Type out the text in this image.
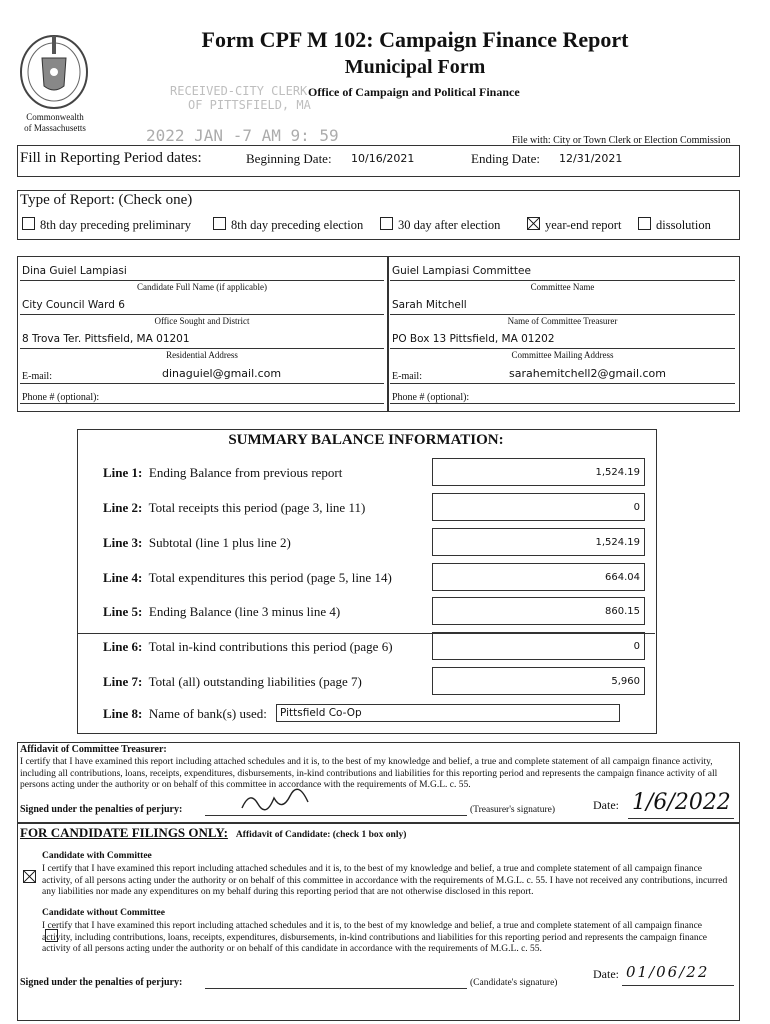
Commonwealth
of Massachusetts
Form CPF M 102: Campaign Finance Report
Municipal Form
Office of Campaign and Political Finance
RECEIVED-CITY CLERK
OF PITTSFIELD, MA
2022 JAN -7 AM 9: 59	File with: City or Town Clerk or Election Commission
Fill in Reporting Period dates:	Beginning Date: 10/16/2021	Ending Date: 12/31/2021
Type of Report: (Check one)
8th day preceding preliminary	8th day preceding election	30 day after election	year-end report	dissolution
Dina Guiel Lampiasi
Candidate Full Name (if applicable)
City Council Ward 6
Office Sought and District
8 Trova Ter. Pittsfield, MA 01201
Residential Address
E-mail:	dinaguiel@gmail.com
Phone # (optional):
Guiel Lampiasi Committee
Committee Name
Sarah Mitchell
Name of Committee Treasurer
PO Box 13 Pittsfield, MA 01202
Committee Mailing Address
E-mail:	sarahemitchell2@gmail.com
Phone # (optional):
SUMMARY BALANCE INFORMATION:
Line 1: Ending Balance from previous report	1,524.19
Line 2: Total receipts this period (page 3, line 11)	0
Line 3: Subtotal (line 1 plus line 2)	1,524.19
Line 4: Total expenditures this period (page 5, line 14)	664.04
Line 5: Ending Balance (line 3 minus line 4)	860.15
Line 6: Total in-kind contributions this period (page 6)	0
Line 7: Total (all) outstanding liabilities (page 7)	5,960
Line 8: Name of bank(s) used:	Pittsfield Co-Op
Affidavit of Committee Treasurer:
I certify that I have examined this report including attached schedules and it is, to the best of my knowledge and belief, a true and complete statement of all campaign finance activity, including all contributions, loans, receipts, expenditures, disbursements, in-kind contributions and liabilities for this reporting period and represents the campaign finance activity of all persons acting under the authority or on behalf of this committee in accordance with the requirements of M.G.L. c. 55.
Signed under the penalties of perjury:	(Treasurer's signature)	Date: 1/6/2022
FOR CANDIDATE FILINGS ONLY: Affidavit of Candidate: (check 1 box only)
Candidate with Committee

I certify that I have examined this report including attached schedules and it is, to the best of my knowledge and belief, a true and complete statement of all campaign finance activity, of all persons acting under the authority or on behalf of this committee in accordance with the requirements of M.G.L. c. 55. I have not received any contributions, incurred any liabilities nor made any expenditures on my behalf during this reporting period that are not otherwise disclosed in this report.
Candidate without Committee
I certify that I have examined this report including attached schedules and it is, to the best of my knowledge and belief, a true and complete statement of all campaign finance activity, including contributions, loans, receipts, expenditures, disbursements, in-kind contributions and liabilities for this reporting period and represents the campaign finance activity of all persons acting under the authority or on behalf of this candidate in accordance with the requirements of M.G.L. c. 55.
Signed under the penalties of perjury:	(Candidate's signature)
Date: 01/06/22
